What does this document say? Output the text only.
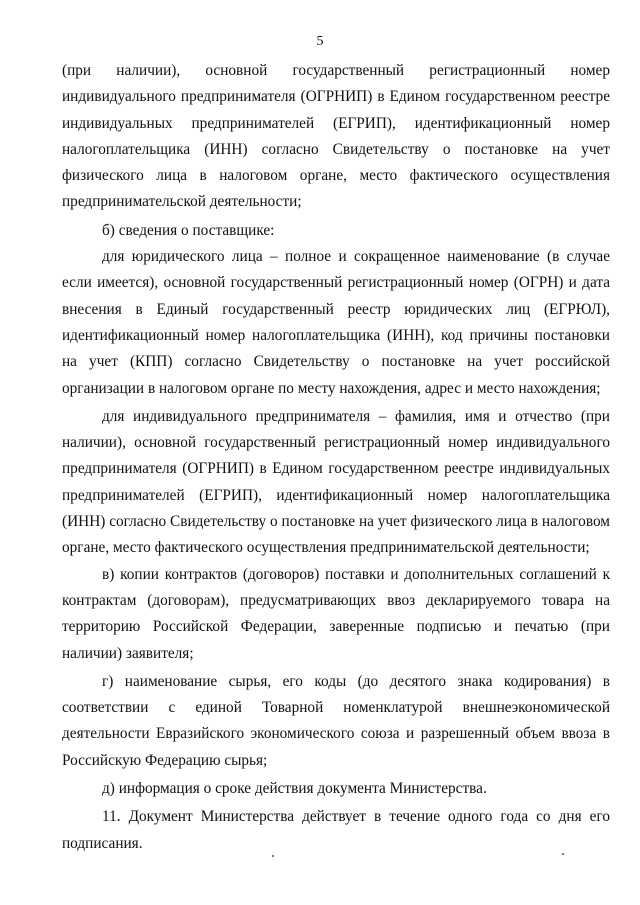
5

(при наличии), основной государственный регистрационный номер индивидуального предпринимателя (ОГРНИП) в Едином государственном реестре индивидуальных предпринимателей (ЕГРИП), идентификационный номер налогоплательщика (ИНН) согласно Свидетельству о постановке на учет физического лица в налоговом органе, место фактического осуществления предпринимательской деятельности;

б) сведения о поставщике:

для юридического лица – полное и сокращенное наименование (в случае если имеется), основной государственный регистрационный номер (ОГРН) и дата внесения в Единый государственный реестр юридических лиц (ЕГРЮЛ), идентификационный номер налогоплательщика (ИНН), код причины постановки на учет (КПП) согласно Свидетельству о постановке на учет российской организации в налоговом органе по месту нахождения, адрес и место нахождения;

для индивидуального предпринимателя – фамилия, имя и отчество (при наличии), основной государственный регистрационный номер индивидуального предпринимателя (ОГРНИП) в Едином государственном реестре индивидуальных предпринимателей (ЕГРИП), идентификационный номер налогоплательщика (ИНН) согласно Свидетельству о постановке на учет физического лица в налоговом органе, место фактического осуществления предпринимательской деятельности;

в) копии контрактов (договоров) поставки и дополнительных соглашений к контрактам (договорам), предусматривающих ввоз декларируемого товара на территорию Российской Федерации, заверенные подписью и печатью (при наличии) заявителя;

г) наименование сырья, его коды (до десятого знака кодирования) в соответствии с единой Товарной номенклатурой внешнеэкономической деятельности Евразийского экономического союза и разрешенный объем ввоза в Российскую Федерацию сырья;

д) информация о сроке действия документа Министерства.

11. Документ Министерства действует в течение одного года со дня его подписания.
